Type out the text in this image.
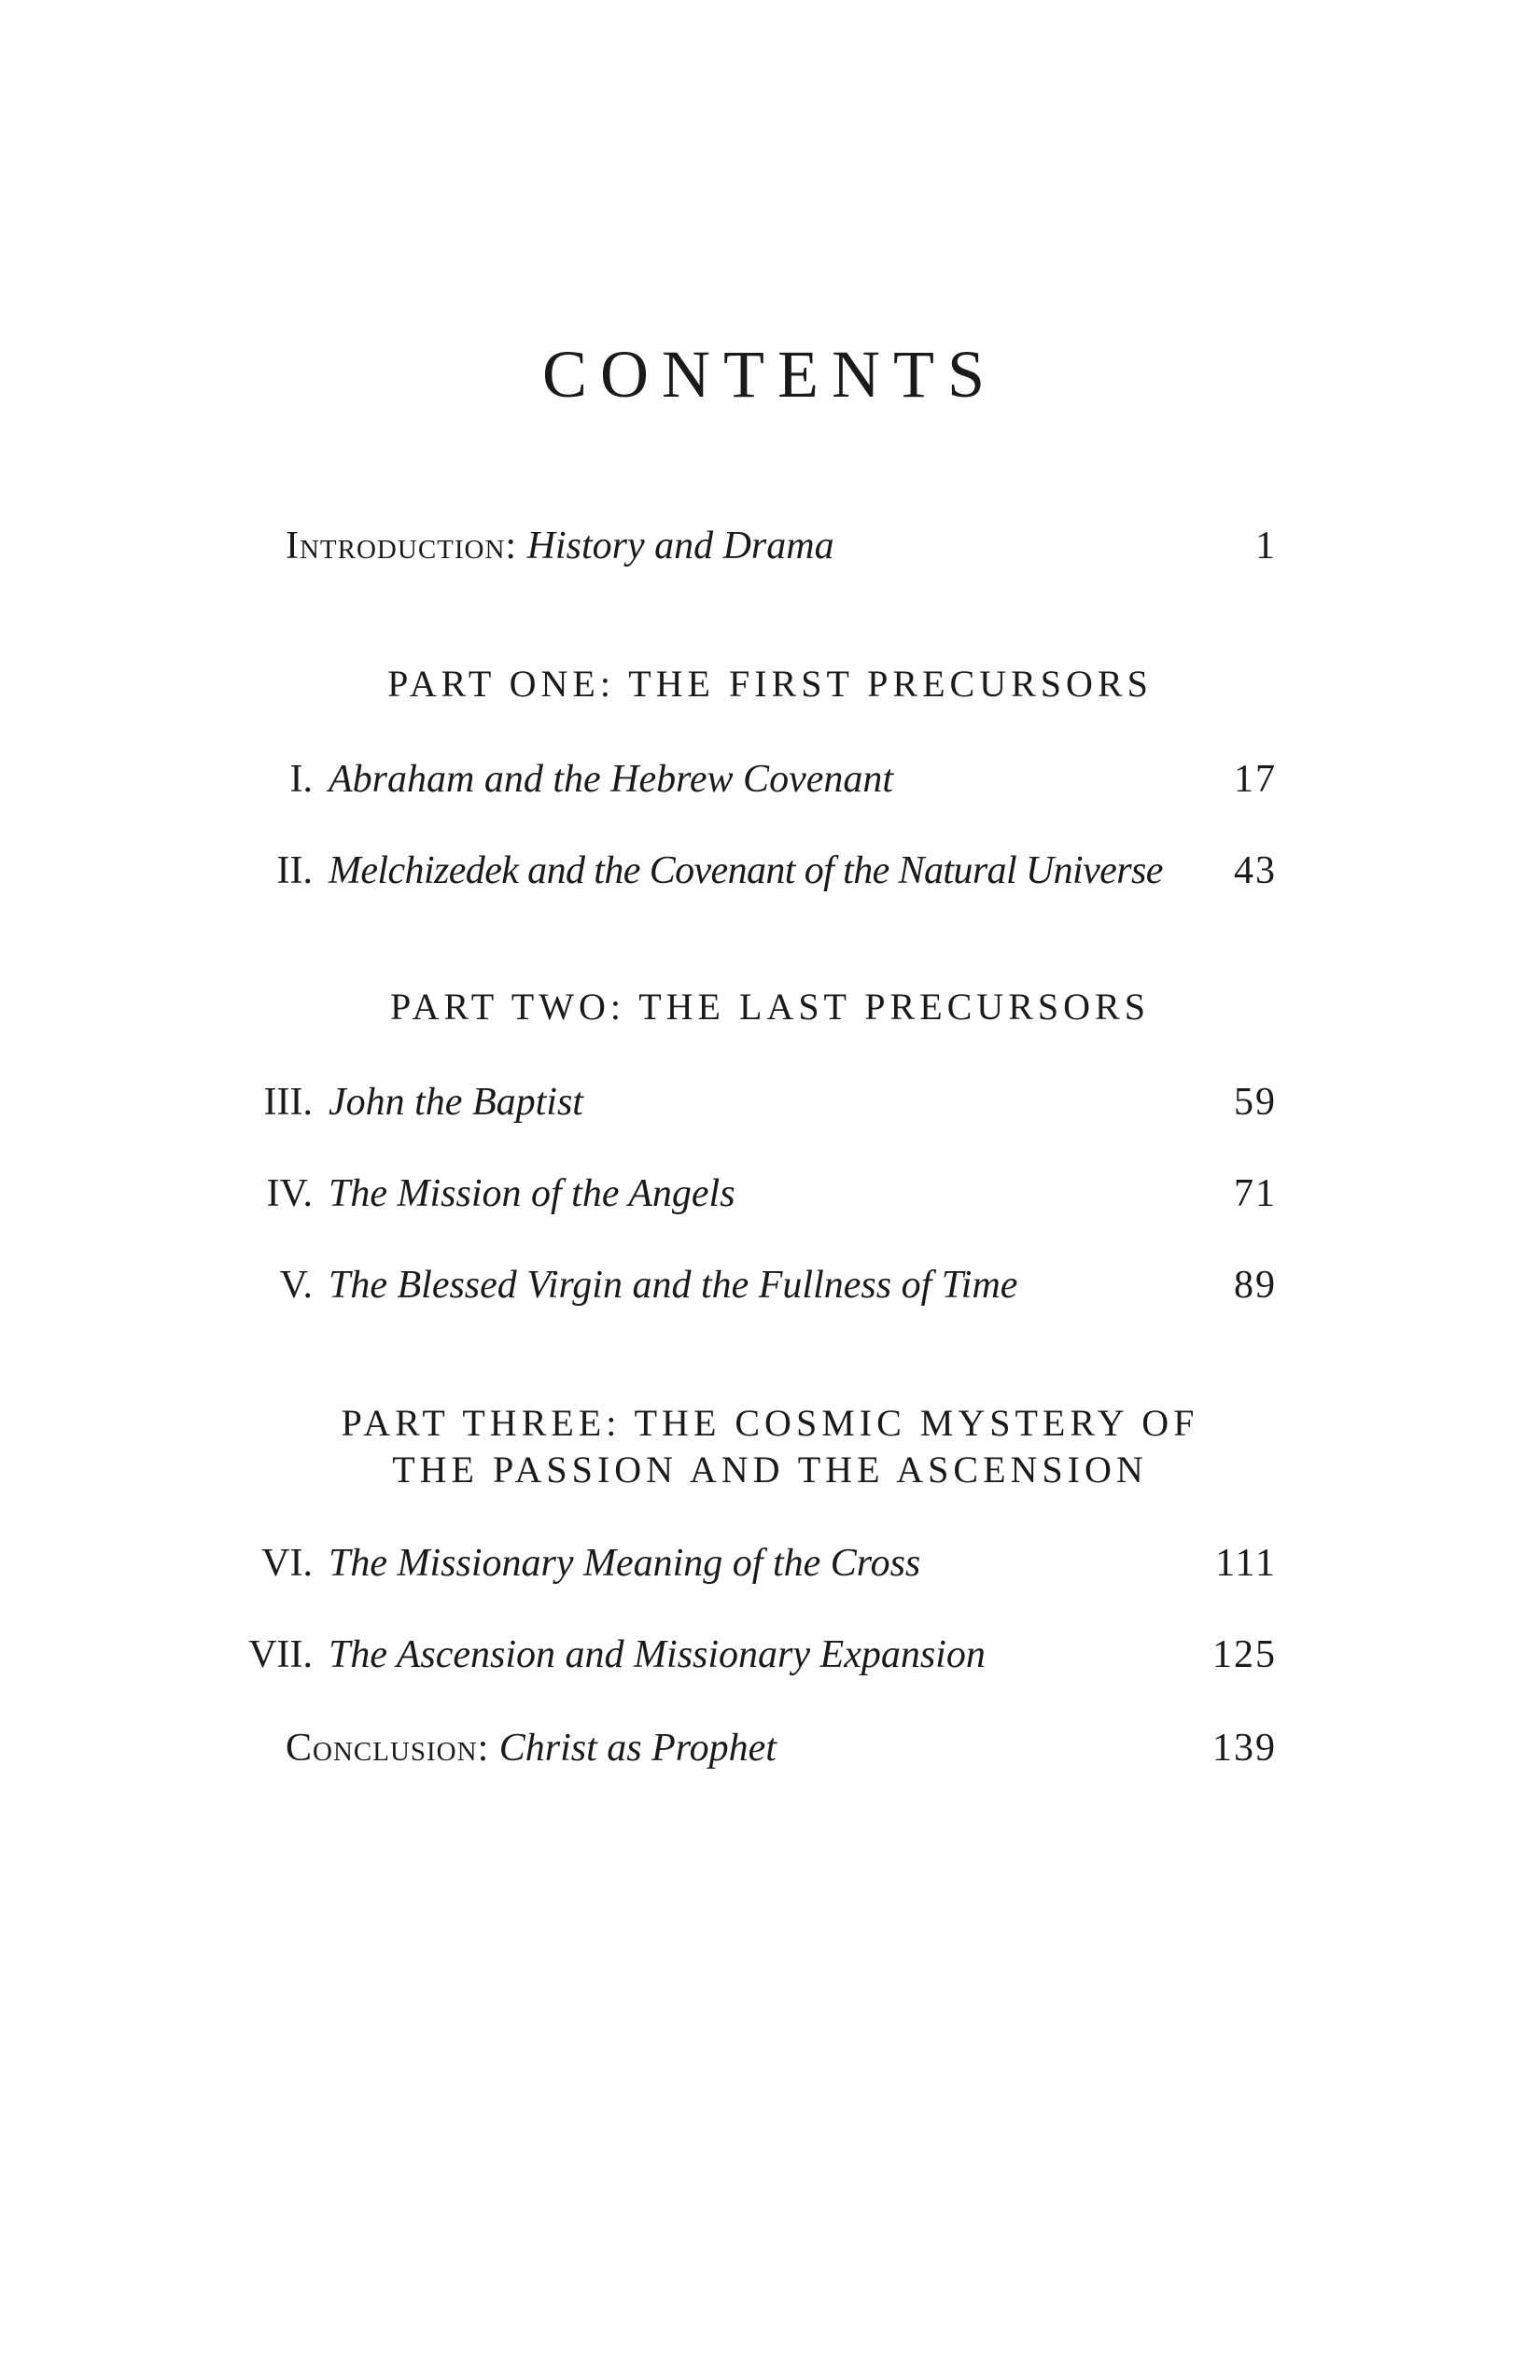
CONTENTS
Introduction: History and Drama	1
PART ONE: THE FIRST PRECURSORS
I. Abraham and the Hebrew Covenant	17
II. Melchizedek and the Covenant of the Natural Universe 43
PART TWO: THE LAST PRECURSORS
III. John the Baptist	59
IV. The Mission of the Angels	71
V. The Blessed Virgin and the Fullness of Time	89
PART THREE: THE COSMIC MYSTERY OF
THE PASSION AND THE ASCENSION
VI. The Missionary Meaning of the Cross	111
VII. The Ascension and Missionary Expansion	125
Conclusion: Christ as Prophet	139
